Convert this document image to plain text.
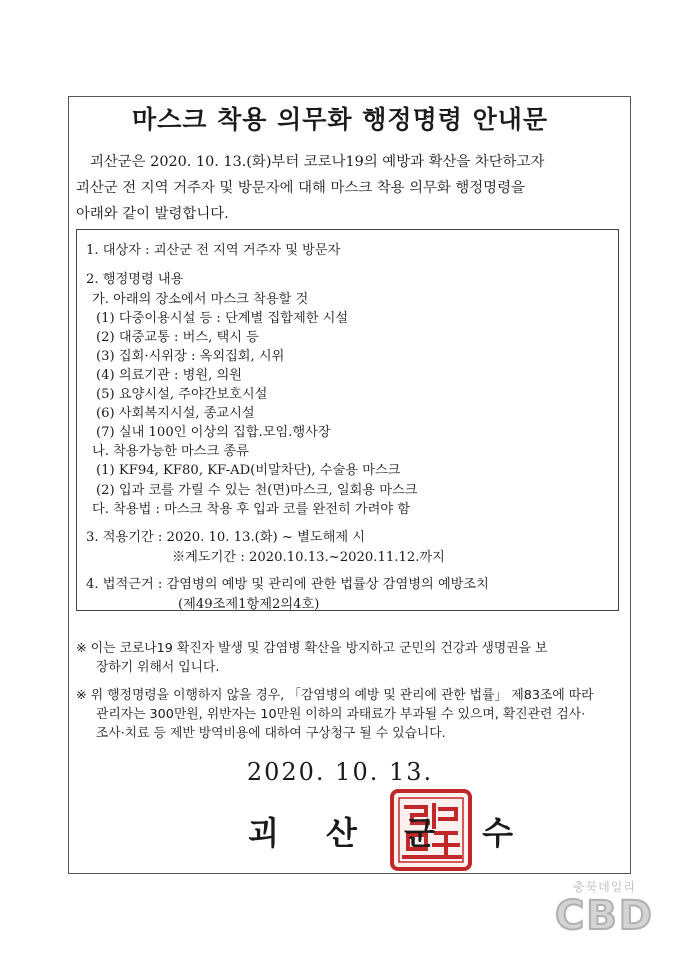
마스크 착용 의무화 행정명령 안내문
괴산군은 2020. 10. 13.(화)부터 코로나19의 예방과 확산을 차단하고자
괴산군 전 지역 거주자 및 방문자에 대해 마스크 착용 의무화 행정명령을
아래와 같이 발령합니다.
1. 대상자 : 괴산군 전 지역 거주자 및 방문자
2. 행정명령 내용
가. 아래의 장소에서 마스크 착용할 것
(1) 다중이용시설 등 : 단계별 집합제한 시설
(2) 대중교통 : 버스, 택시 등
(3) 집회·시위장 : 옥외집회, 시위
(4) 의료기관 : 병원, 의원
(5) 요양시설, 주야간보호시설
(6) 사회복지시설, 종교시설
(7) 실내 100인 이상의 집합.모임.행사장
나. 착용가능한 마스크 종류
(1) KF94, KF80, KF-AD(비말차단), 수술용 마스크
(2) 입과 코를 가릴 수 있는 천(면)마스크, 일회용 마스크
다. 착용법 : 마스크 착용 후 입과 코를 완전히 가려야 함
3. 적용기간 : 2020. 10. 13.(화) ~ 별도해제 시
※계도기간 : 2020.10.13.~2020.11.12.까지
4. 법적근거 : 감염병의 예방 및 관리에 관한 법률상 감염병의 예방조치
(제49조제1항제2의4호)
※ 이는 코로나19 확진자 발생 및 감염병 확산을 방지하고 군민의 건강과 생명권을 보
장하기 위해서 입니다.
※ 위 행정명령을 이행하지 않을 경우, 「감염병의 예방 및 관리에 관한 법률」 제83조에 따라
관리자는 300만원, 위반자는 10만원 이하의 과태료가 부과될 수 있으며, 확진관련 검사·
조사·치료 등 제반 방역비용에 대하여 구상청구 될 수 있습니다.
2020. 10. 13.
괴 산 군 수
충북데일리
CBD
